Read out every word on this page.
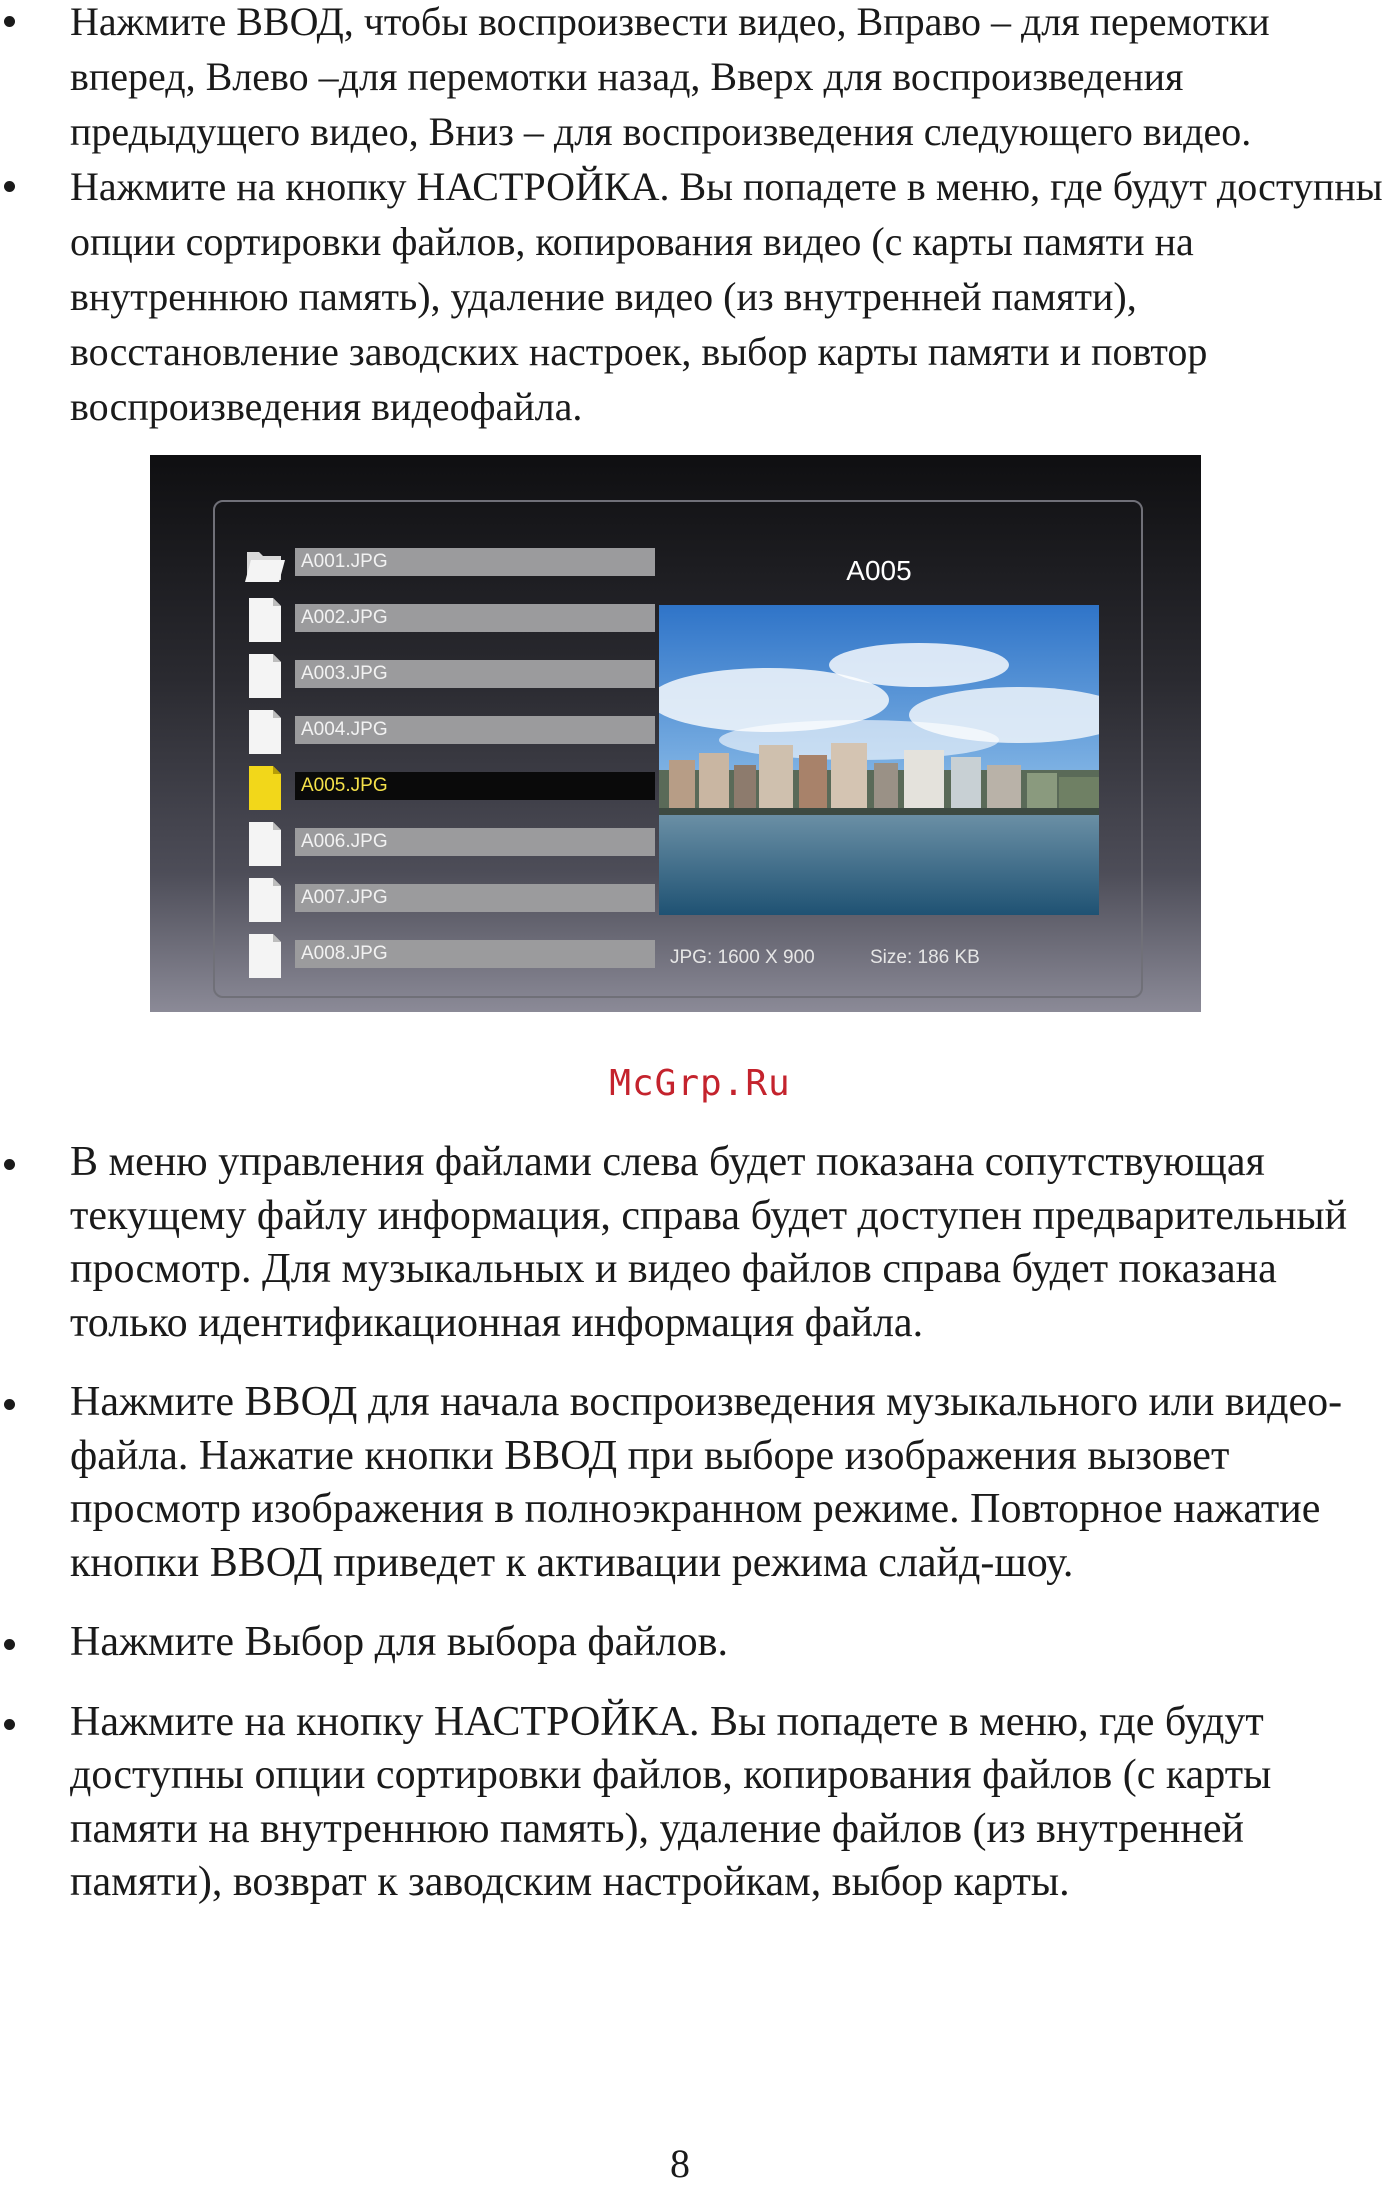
Нажмите ВВОД, чтобы воспроизвести видео, Вправо – для перемотки вперед, Влево –для перемотки назад, Вверх для воспроизведения предыдущего видео, Вниз – для воспроизведения следующего видео.
Нажмите на кнопку НАСТРОЙКА. Вы попадете в меню, где будут доступны опции сортировки файлов, копирования видео (с карты памяти на внутреннюю память), удаление видео (из внутренней памяти), восстановление заводских настроек, выбор карты памяти и повтор воспроизведения видеофайла.
A001.JPG
A002.JPG
A003.JPG
A004.JPG
A005.JPG
A006.JPG
A007.JPG
A008.JPG
A005
JPG: 1600 X 900	Size: 186 KB
McGrp.Ru
В меню управления файлами слева будет показана сопутствующая текущему файлу информация, справа будет доступен предварительный просмотр. Для музыкальных и видео файлов справа будет показана только идентификационная информация файла.
Нажмите ВВОД для начала воспроизведения музыкального или видео-файла. Нажатие кнопки ВВОД при выборе изображения вызовет просмотр изображения в полноэкранном режиме. Повторное нажатие кнопки ВВОД приведет к активации режима слайд-шоу.
Нажмите Выбор для выбора файлов.
Нажмите на кнопку НАСТРОЙКА. Вы попадете в меню, где будут доступны опции сортировки файлов, копирования файлов (с карты памяти на внутреннюю память), удаление файлов (из внутренней памяти), возврат к заводским настройкам, выбор карты.
8
